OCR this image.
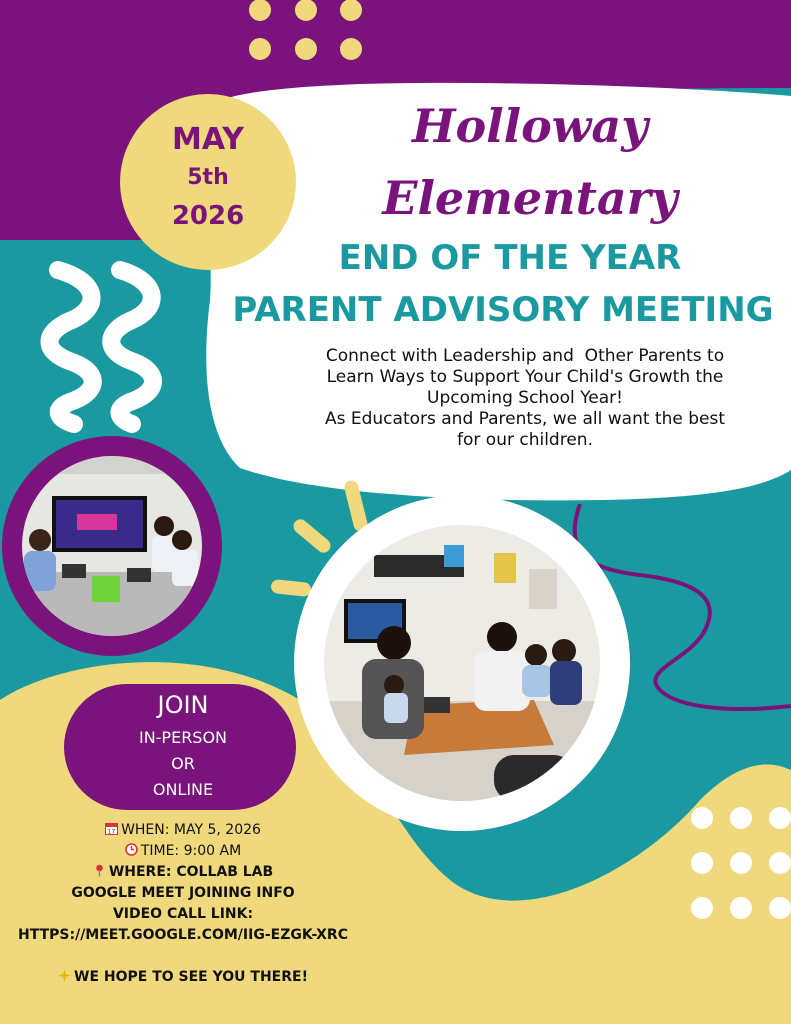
Holloway
Elementary
MAY
5th
2026
END OF THE YEAR
PARENT ADVISORY MEETING
Connect with Leadership and  Other Parents to
Learn Ways to Support Your Child's Growth the
Upcoming School Year!
As Educators and Parents, we all want the best
for our children.
JOIN
IN-PERSON
OR
ONLINE
17 WHEN: MAY 5, 2026
TIME: 9:00 AM
WHERE: COLLAB LAB
GOOGLE MEET JOINING INFO
VIDEO CALL LINK:
HTTPS://MEET.GOOGLE.COM/IIG-EZGK-XRC
WE HOPE TO SEE YOU THERE!
